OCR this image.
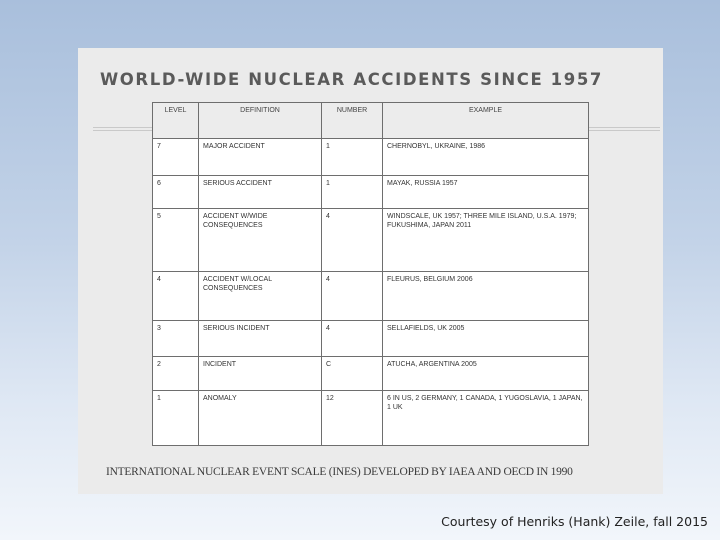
WORLD-WIDE NUCLEAR ACCIDENTS SINCE 1957
LEVEL	DEFINITION	NUMBER	EXAMPLE
7	MAJOR ACCIDENT	1	CHERNOBYL, UKRAINE, 1986
6	SERIOUS ACCIDENT	1	MAYAK, RUSSIA 1957
5	ACCIDENT W/WIDE CONSEQUENCES	4	WINDSCALE, UK 1957; THREE MILE ISLAND, U.S.A. 1979; FUKUSHIMA, JAPAN 2011
4	ACCIDENT W/LOCAL CONSEQUENCES	4	FLEURUS, BELGIUM 2006
3	SERIOUS INCIDENT	4	SELLAFIELDS, UK 2005
2	INCIDENT	C	ATUCHA, ARGENTINA 2005
1	ANOMALY	12	6 IN US, 2 GERMANY, 1 CANADA, 1 YUGOSLAVIA, 1 JAPAN, 1 UK

INTERNATIONAL NUCLEAR EVENT SCALE (INES) DEVELOPED BY IAEA AND OECD IN 1990

Courtesy of Henriks (Hank) Zeile, fall 2015
